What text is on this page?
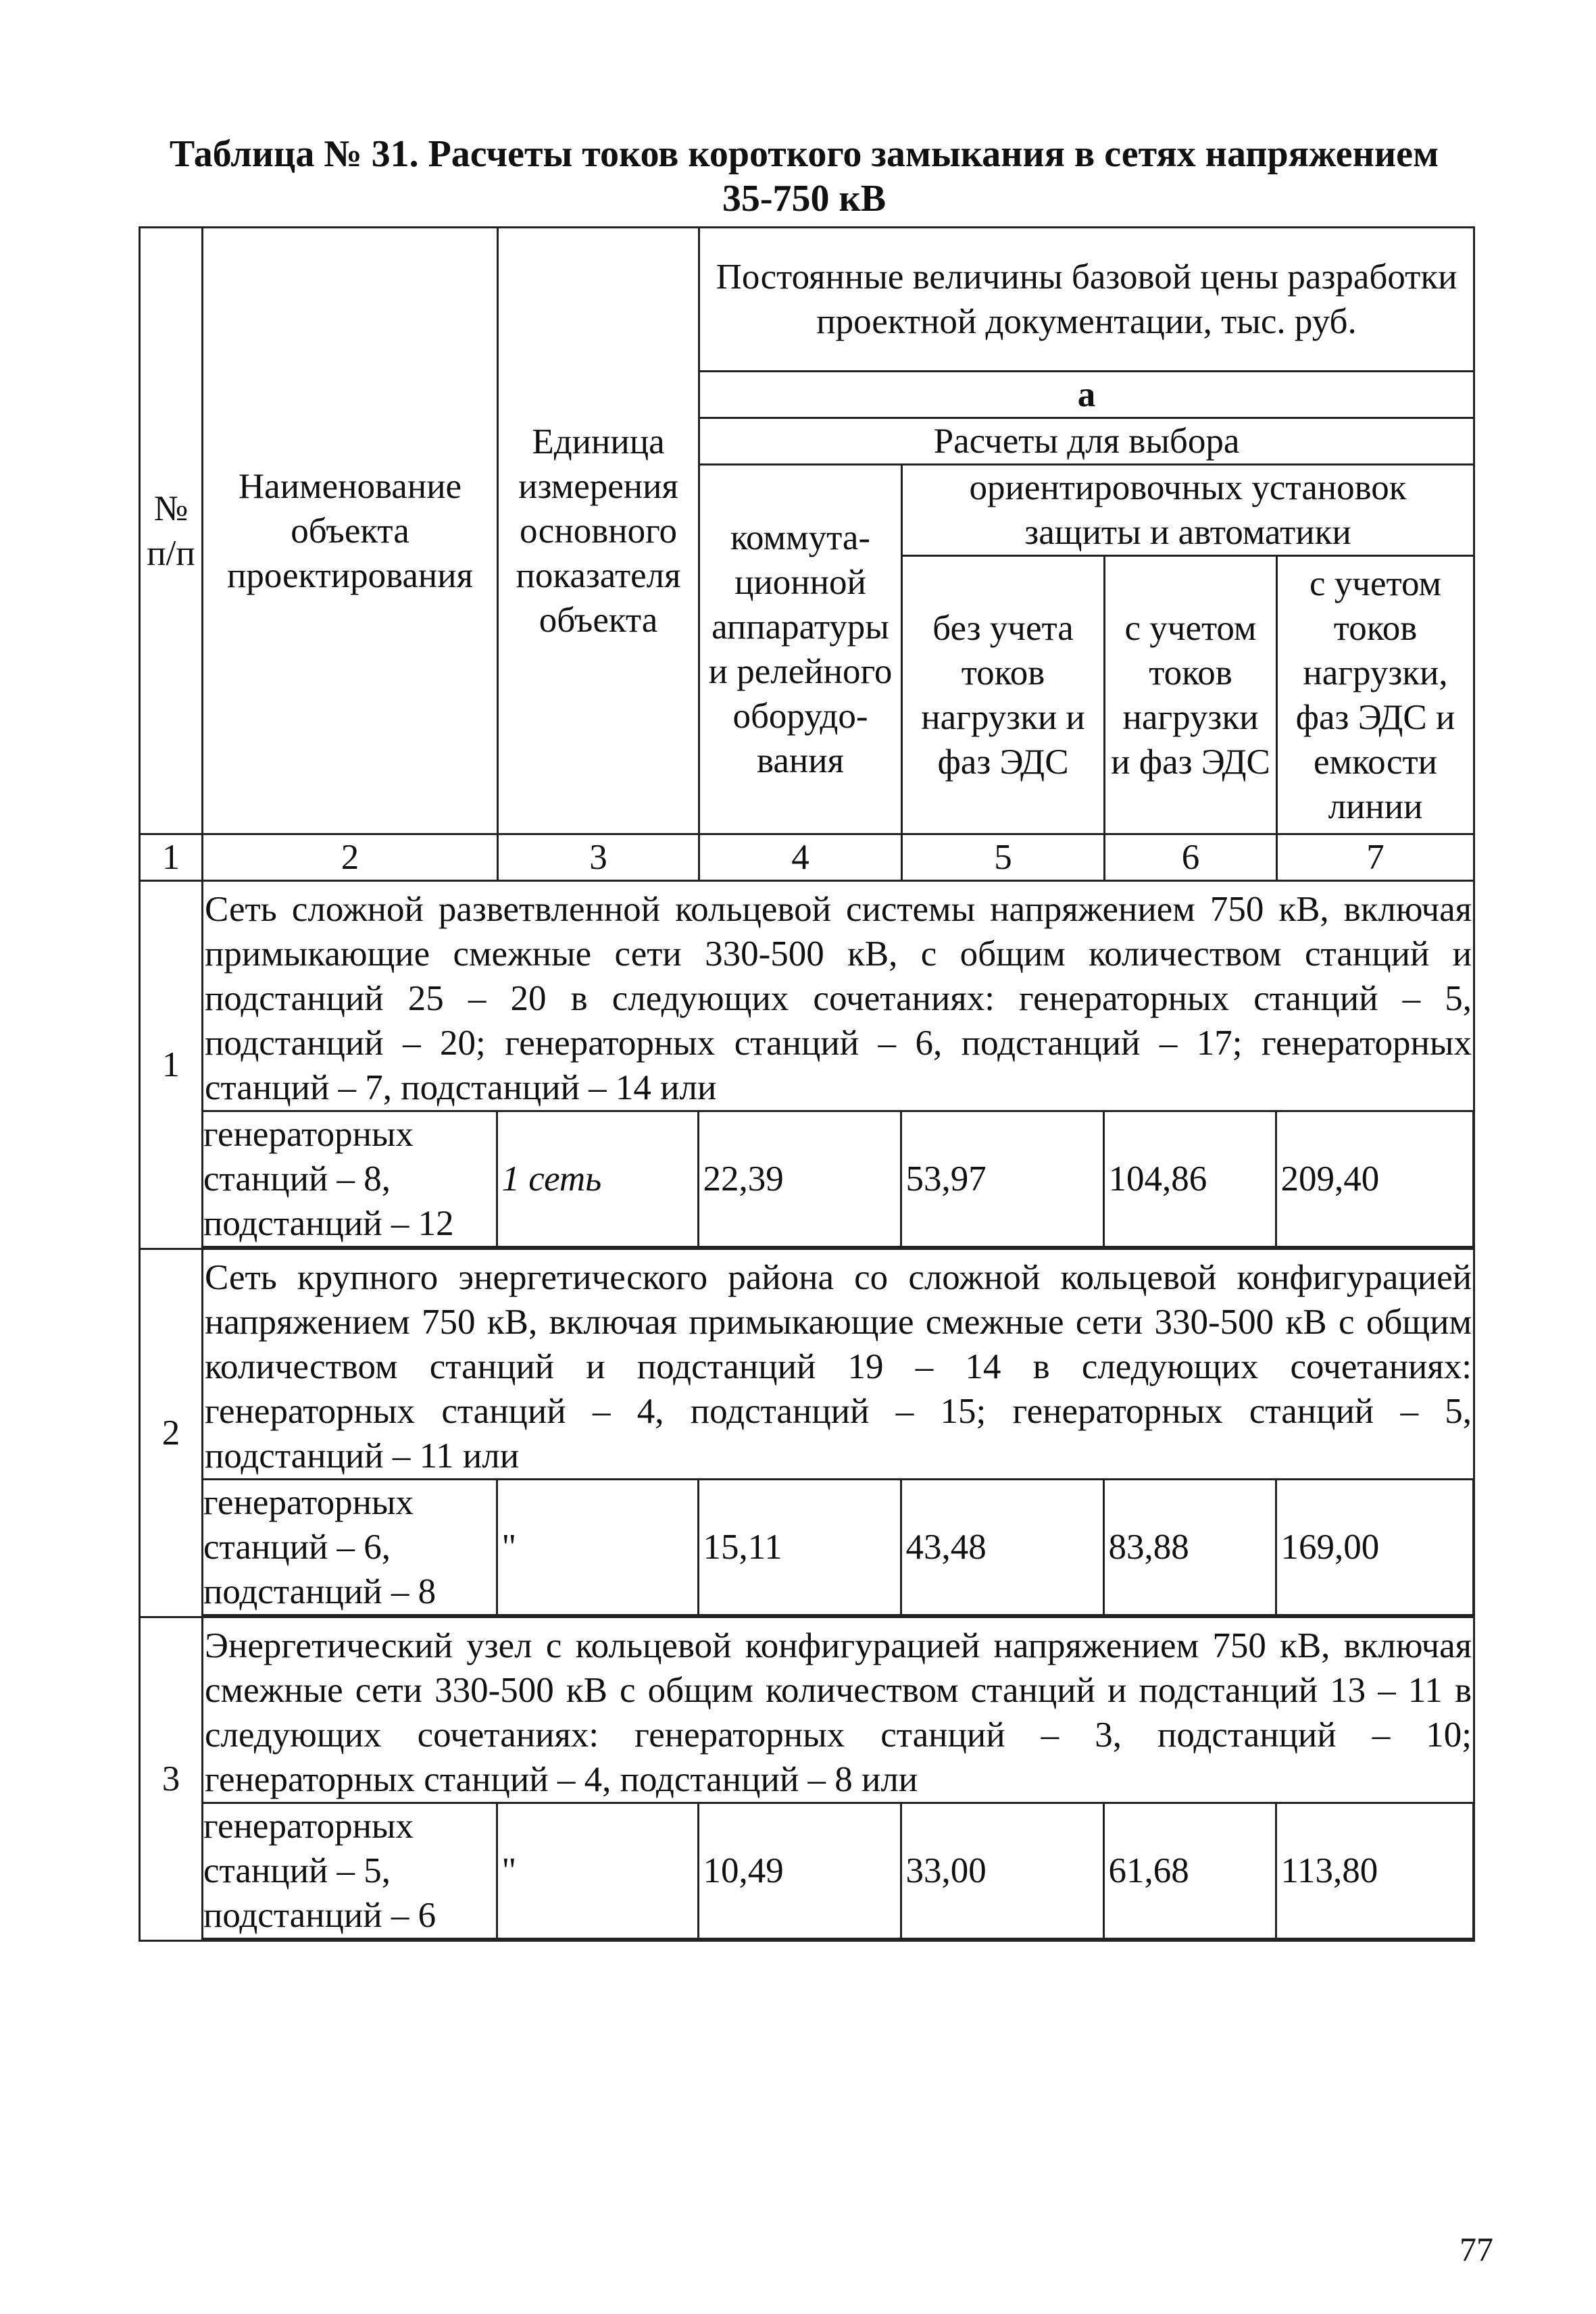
Таблица № 31. Расчеты токов короткого замыкания в сетях напряжением
35-750 кВ
№ п/п	Наименование объекта проектирования	Единица измерения основного показателя объекта	Постоянные величины базовой цены разработки проектной документации, тыс. руб.
а
Расчеты для выбора
коммута-ционной аппаратуры и релейного оборудо-вания	ориентировочных установок защиты и автоматики
без учета токов нагрузки и фаз ЭДС	с учетом токов нагрузки и фаз ЭДС	с учетом токов нагрузки, фаз ЭДС и емкости линии
1	2	3	4	5	6	7
1	
Сеть сложной разветвленной кольцевой системы напряжением 750 кВ, включая примыкающие смежные сети 330-500 кВ, с общим количеством станций и подстанций 25 – 20 в следующих сочетаниях: генераторных станций – 5, подстанций – 20; генераторных станций – 6, подстанций – 17; генераторных станций – 7, подстанций – 14 или
генераторных станций – 8, подстанций – 12	1 сеть	22,39	53,97	104,86	209,40

2	
Сеть крупного энергетического района со сложной кольцевой конфигурацией напряжением 750 кВ, включая примыкающие смежные сети 330-500 кВ с общим количеством станций и подстанций 19 – 14 в следующих сочетаниях: генераторных станций – 4, подстанций – 15; генераторных станций – 5, подстанций – 11 или
генераторных станций – 6, подстанций – 8	"	15,11	43,48	83,88	169,00

3	
Энергетический узел с кольцевой конфигурацией напряжением 750 кВ, включая смежные сети 330-500 кВ с общим количеством станций и подстанций 13 – 11 в следующих сочетаниях: генераторных станций – 3, подстанций – 10; генераторных станций – 4, подстанций – 8 или
генераторных станций – 5, подстанций – 6	"	10,49	33,00	61,68	113,80
77
